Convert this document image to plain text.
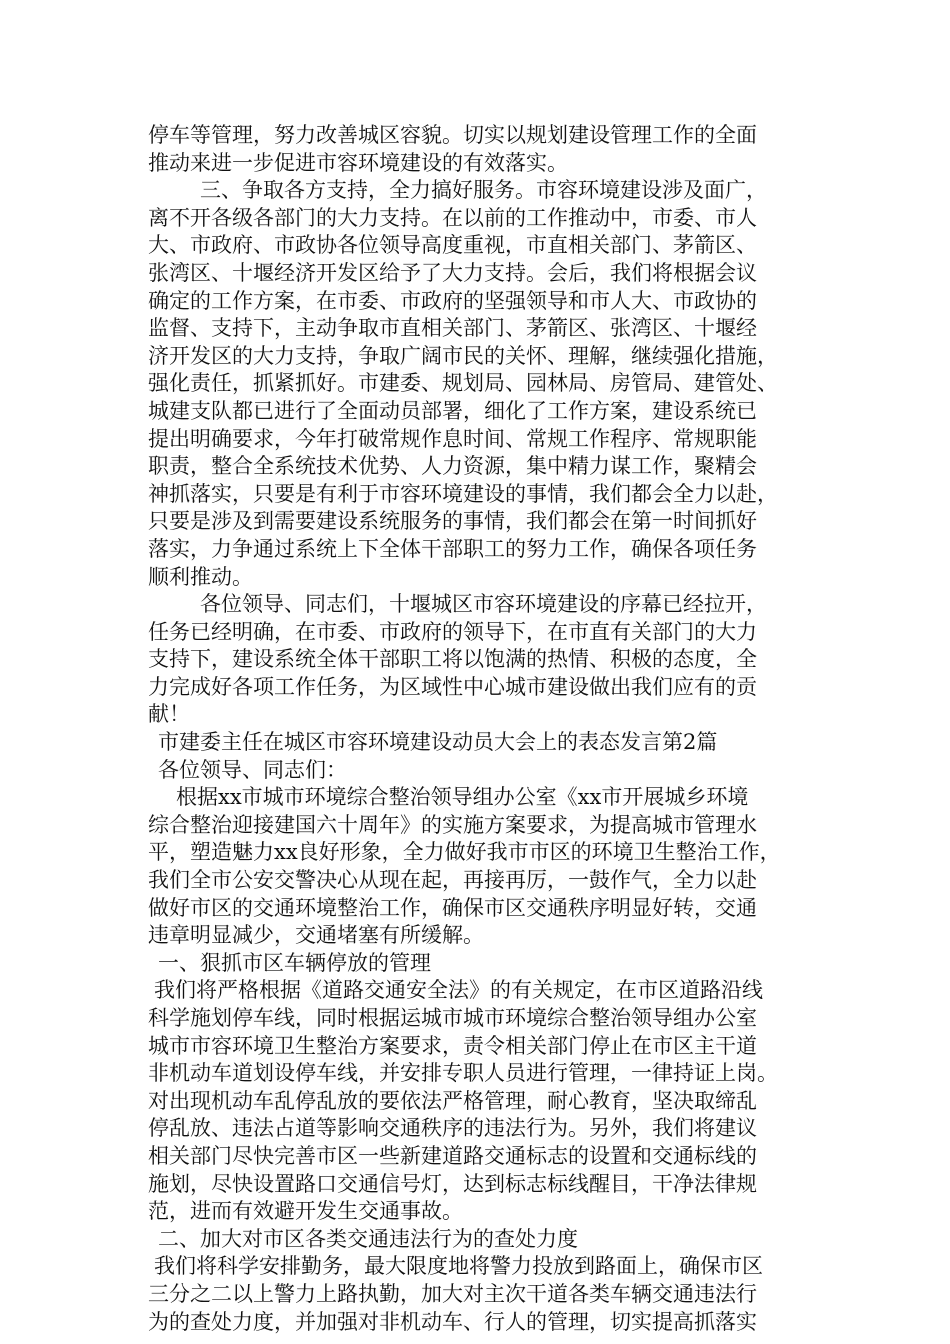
停车等管理，努力改善城区容貌。切实以规划建设管理工作的全面
推动来进一步促进市容环境建设的有效落实。
三、争取各方支持，全力搞好服务。市容环境建设涉及面广，
离不开各级各部门的大力支持。在以前的工作推动中，市委、市人
大、市政府、市政协各位领导高度重视，市直相关部门、茅箭区、
张湾区、十堰经济开发区给予了大力支持。会后，我们将根据会议
确定的工作方案，在市委、市政府的坚强领导和市人大、市政协的
监督、支持下，主动争取市直相关部门、茅箭区、张湾区、十堰经
济开发区的大力支持，争取广阔市民的关怀、理解，继续强化措施，
强化责任，抓紧抓好。市建委、规划局、园林局、房管局、建管处、
城建支队都已进行了全面动员部署，细化了工作方案，建设系统已
提出明确要求，今年打破常规作息时间、常规工作程序、常规职能
职责，整合全系统技术优势、人力资源，集中精力谋工作，聚精会
神抓落实，只要是有利于市容环境建设的事情，我们都会全力以赴，
只要是涉及到需要建设系统服务的事情，我们都会在第一时间抓好
落实，力争通过系统上下全体干部职工的努力工作，确保各项任务
顺利推动。
各位领导、同志们，十堰城区市容环境建设的序幕已经拉开，
任务已经明确，在市委、市政府的领导下，在市直有关部门的大力
支持下，建设系统全体干部职工将以饱满的热情、积极的态度，全
力完成好各项工作任务，为区域性中心城市建设做出我们应有的贡
献！
市建委主任在城区市容环境建设动员大会上的表态发言第2篇
各位领导、同志们：
根据xx市城市环境综合整治领导组办公室《xx市开展城乡环境
综合整治迎接建国六十周年》的实施方案要求，为提高城市管理水
平，塑造魅力xx良好形象，全力做好我市市区的环境卫生整治工作，
我们全市公安交警决心从现在起，再接再厉，一鼓作气，全力以赴
做好市区的交通环境整治工作，确保市区交通秩序明显好转，交通
违章明显减少，交通堵塞有所缓解。
一、狠抓市区车辆停放的管理
我们将严格根据《道路交通安全法》的有关规定，在市区道路沿线
科学施划停车线，同时根据运城市城市环境综合整治领导组办公室
城市市容环境卫生整治方案要求，责令相关部门停止在市区主干道
非机动车道划设停车线，并安排专职人员进行管理，一律持证上岗。
对出现机动车乱停乱放的要依法严格管理，耐心教育，坚决取缔乱
停乱放、违法占道等影响交通秩序的违法行为。另外，我们将建议
相关部门尽快完善市区一些新建道路交通标志的设置和交通标线的
施划，尽快设置路口交通信号灯，达到标志标线醒目，干净法律规
范，进而有效避开发生交通事故。
二、加大对市区各类交通违法行为的查处力度
我们将科学安排勤务，最大限度地将警力投放到路面上，确保市区
三分之二以上警力上路执勤，加大对主次干道各类车辆交通违法行
为的查处力度，并加强对非机动车、行人的管理，切实提高抓落实
